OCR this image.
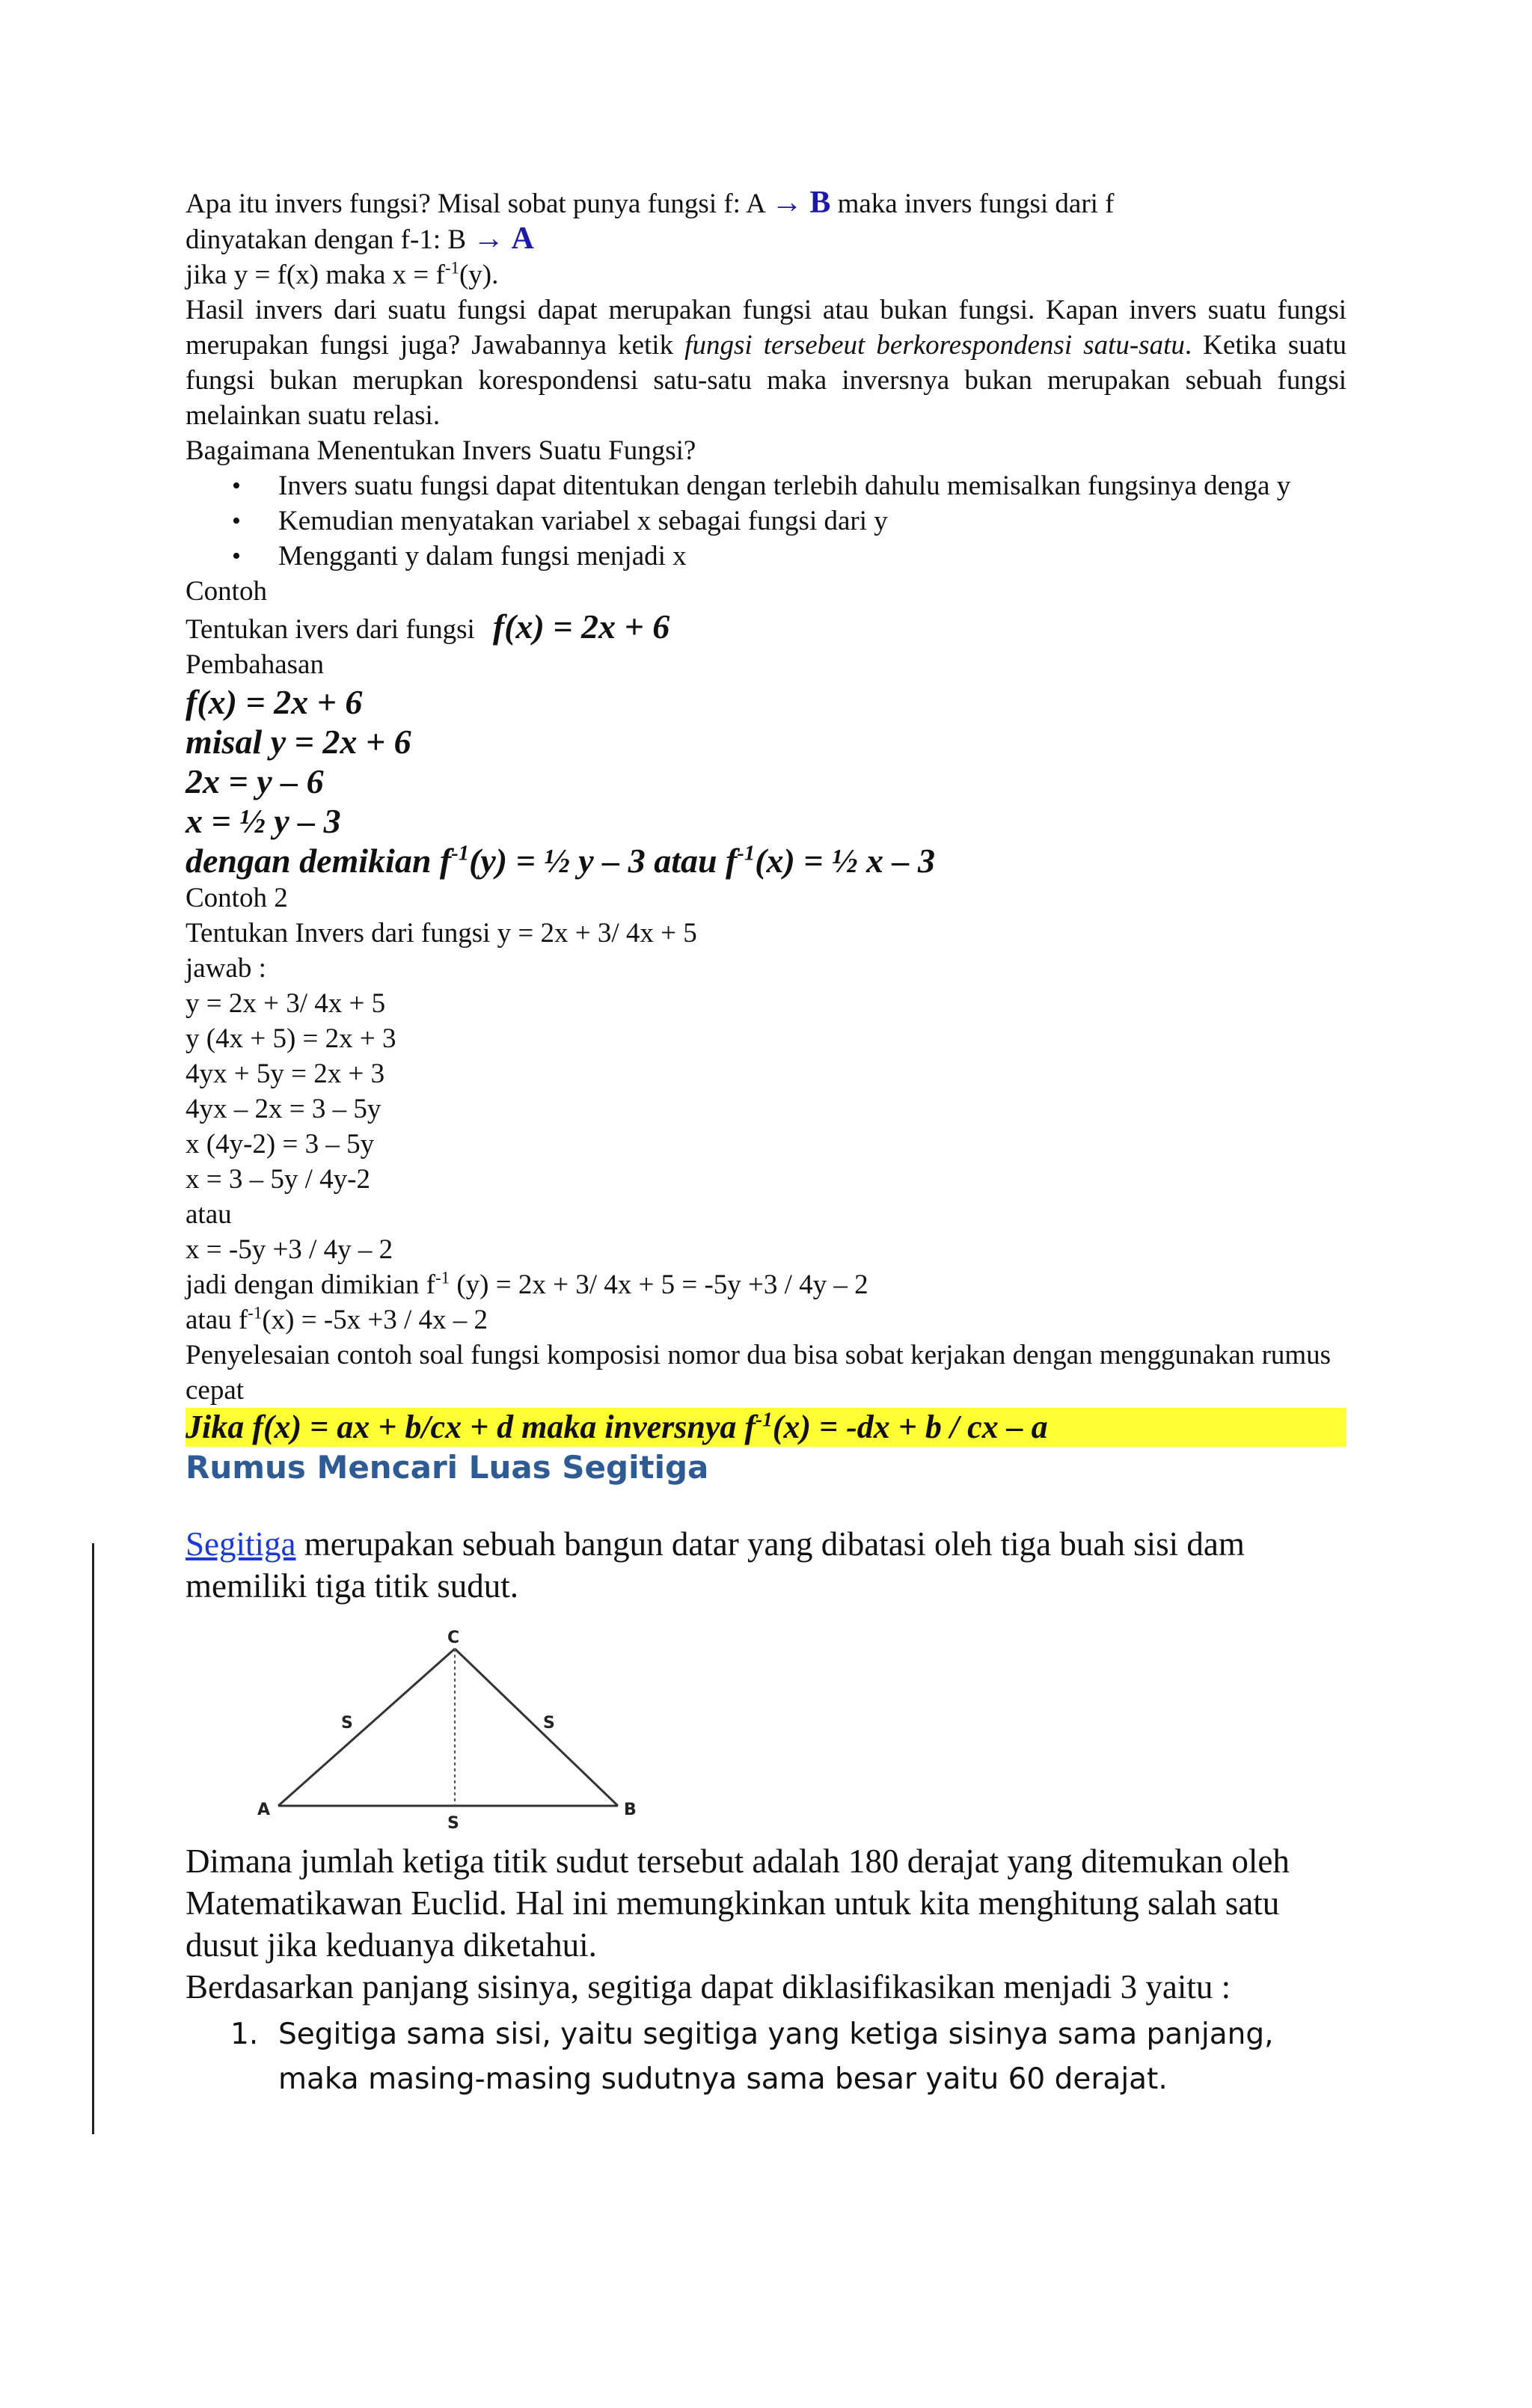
Apa itu invers fungsi? Misal sobat punya fungsi f: A → B maka invers fungsi dari f

dinyatakan dengan f-1: B → A

jika y = f(x) maka $x = f^{-1}(y)$.

Hasil invers dari suatu fungsi dapat merupakan fungsi atau bukan fungsi. Kapan invers suatu fungsi merupakan fungsi juga? Jawabannya ketik fungsi tersebeut berkorespondensi satu-satu. Ketika suatu fungsi bukan merupkan korespondensi satu-satu maka inversnya bukan merupakan sebuah fungsi melainkan suatu relasi.

Bagaimana Menentukan Invers Suatu Fungsi?

• Invers suatu fungsi dapat ditentukan dengan terlebih dahulu memisalkan fungsinya denga y
• Kemudian menyatakan variabel x sebagai fungsi dari y
• Mengganti y dalam fungsi menjadi x

Contoh

Tentukan ivers dari fungsi f(x) = 2x + 6

Pembahasan

f(x) = 2x + 6

misal y = 2x + 6

2x = y – 6

x = ½ y – 3

dengan demikian $f^{-1}(y)$ = ½ y – 3 atau $f^{-1}(x)$ = ½ x – 3

Contoh 2

Tentukan Invers dari fungsi y = 2x + 3/ 4x + 5

jawab :

y = 2x + 3/ 4x + 5

y (4x + 5) = 2x + 3

4yx + 5y = 2x + 3

4yx – 2x = 3 – 5y

x (4y-2) = 3 – 5y

x = 3 – 5y / 4y-2

atau

x = -5y +3 / 4y – 2

jadi dengan dimikian $f^{-1}$ (y) = 2x + 3/ 4x + 5 = -5y +3 / 4y – 2

atau $f^{-1}(x) = -5x +3 / 4x - 2$

Penyelesaian contoh soal fungsi komposisi nomor dua bisa sobat kerjakan dengan menggunakan rumus cepat

Jika f(x) = ax + b/cx + d maka inversnya $f^{-1}(x) = -dx + b$ / cx – a

Rumus Mencari Luas Segitiga

Segitiga merupakan sebuah bangun datar yang dibatasi oleh tiga buah sisi dam memiliki tiga titik sudut.

C
A	B
S
S	S

Dimana jumlah ketiga titik sudut tersebut adalah 180 derajat yang ditemukan oleh Matematikawan Euclid. Hal ini memungkinkan untuk kita menghitung salah satu dusut jika keduanya diketahui.

Berdasarkan panjang sisinya, segitiga dapat diklasifikasikan menjadi 3 yaitu :

1. Segitiga sama sisi, yaitu segitiga yang ketiga sisinya sama panjang, maka masing-masing sudutnya sama besar yaitu 60 derajat.
